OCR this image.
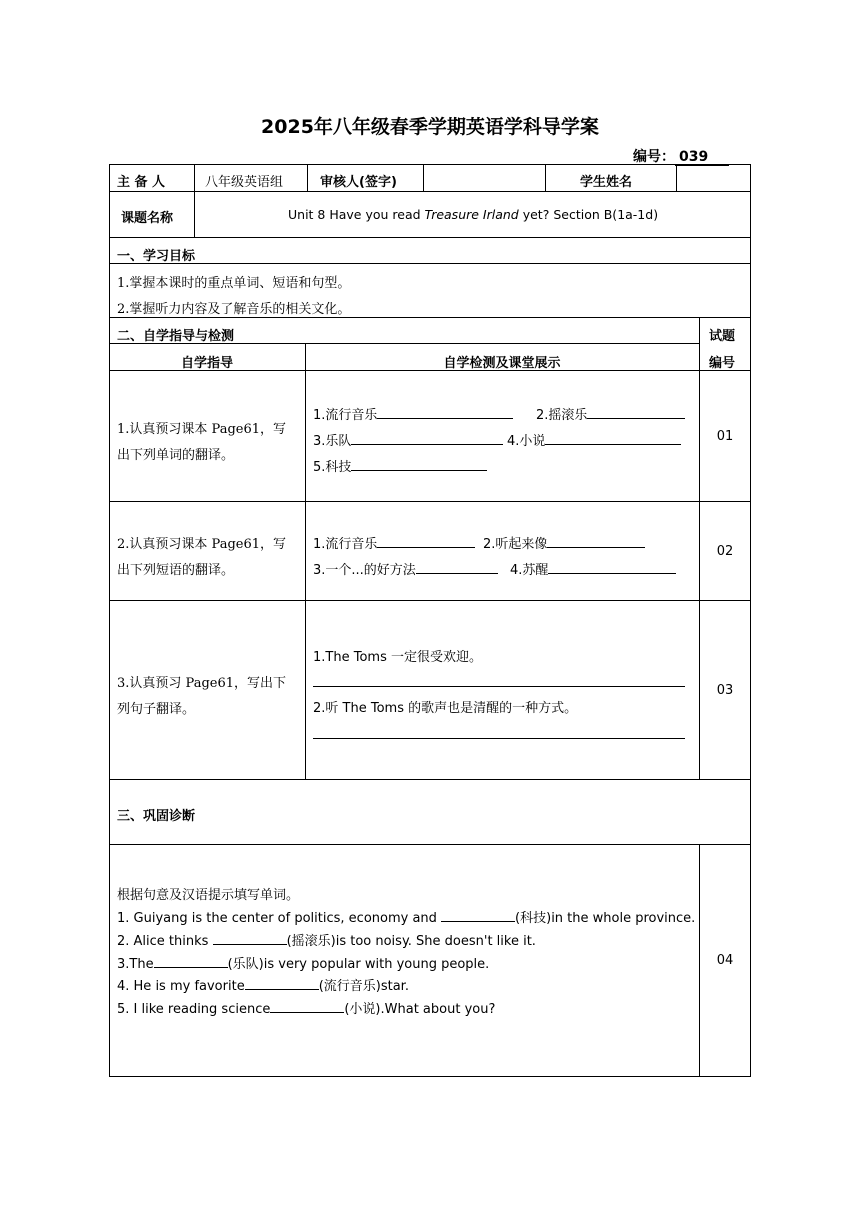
2025年八年级春季学期英语学科导学案
编号： 039
主 备 人	八年级英语组	审核人(签字)	学生姓名
课题名称	Unit 8 Have you read Treasure Irland yet? Section B(1a-1d)
一、学习目标
1.掌握本课时的重点单词、短语和句型。
2.掌握听力内容及了解音乐的相关文化。
二、自学指导与检测	试题
编号
自学指导	自学检测及课堂展示
1.认真预习课本 Page61，写
出下列单词的翻译。
1.流行音乐	2.摇滚乐
3.乐队	4.小说
5.科技
01
2.认真预习课本 Page61，写
出下列短语的翻译。
1.流行音乐	2.听起来像
3.一个...的好方法	4.苏醒
02
3.认真预习 Page61，写出下
列句子翻译。
1.The Toms 一定很受欢迎。
2.听 The Toms 的歌声也是清醒的一种方式。
03
三、巩固诊断
根据句意及汉语提示填写单词。
1. Guiyang is the center of politics, economy and	(科技)in the whole province.
2. Alice thinks	(摇滚乐)is too noisy. She doesn't like it.
3.The	(乐队)is very popular with young people.
4. He is my favorite	(流行音乐)star.
5. I like reading science	(小说).What about you?
04
